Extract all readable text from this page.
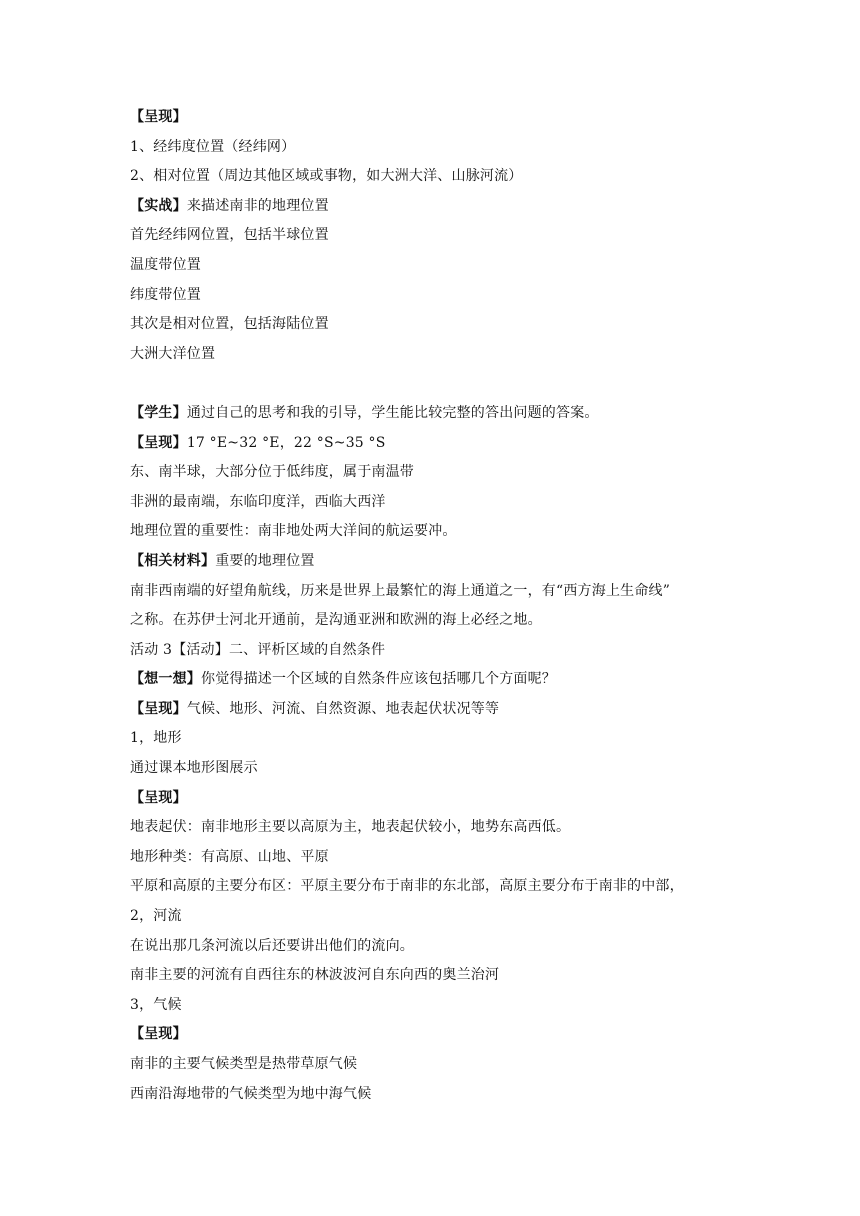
【呈现】
1、经纬度位置（经纬网）
2、相对位置（周边其他区域或事物，如大洲大洋、山脉河流）
【实战】来描述南非的地理位置
首先经纬网位置，包括半球位置
温度带位置
纬度带位置
其次是相对位置，包括海陆位置
大洲大洋位置
【学生】通过自己的思考和我的引导，学生能比较完整的答出问题的答案。
【呈现】17 °E~32 °E，22 °S~35 °S
东、南半球，大部分位于低纬度，属于南温带
非洲的最南端，东临印度洋，西临大西洋
地理位置的重要性：南非地处两大洋间的航运要冲。
【相关材料】重要的地理位置
南非西南端的好望角航线，历来是世界上最繁忙的海上通道之一，有“西方海上生命线”
之称。在苏伊士河北开通前，是沟通亚洲和欧洲的海上必经之地。
活动 3【活动】二、评析区域的自然条件
【想一想】你觉得描述一个区域的自然条件应该包括哪几个方面呢？
【呈现】气候、地形、河流、自然资源、地表起伏状况等等
1，地形
通过课本地形图展示
【呈现】
地表起伏：南非地形主要以高原为主，地表起伏较小，地势东高西低。
地形种类：有高原、山地、平原
平原和高原的主要分布区：平原主要分布于南非的东北部，高原主要分布于南非的中部，
2，河流
在说出那几条河流以后还要讲出他们的流向。
南非主要的河流有自西往东的林波波河自东向西的奥兰治河
3，气候
【呈现】
南非的主要气候类型是热带草原气候
西南沿海地带的气候类型为地中海气候
